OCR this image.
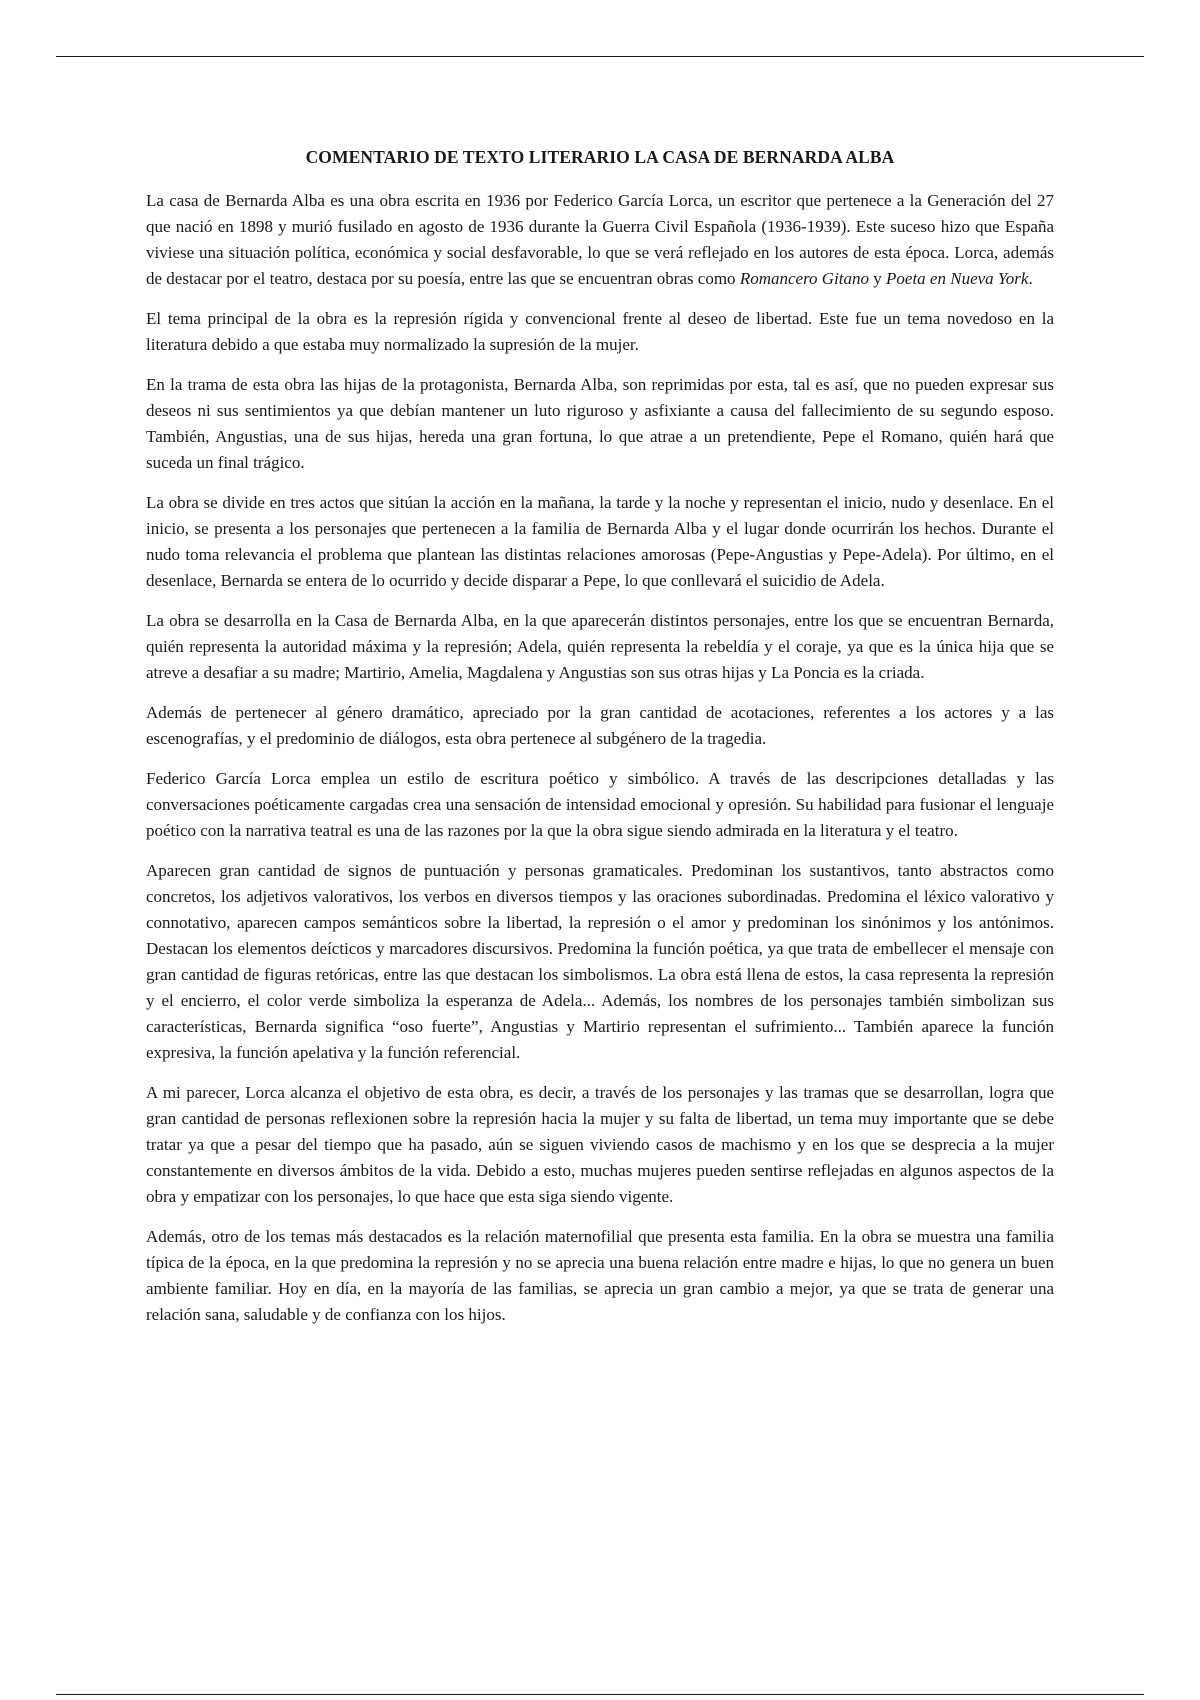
COMENTARIO DE TEXTO LITERARIO LA CASA DE BERNARDA ALBA

La casa de Bernarda Alba es una obra escrita en 1936 por Federico García Lorca, un escritor que pertenece a la Generación del 27 que nació en 1898 y murió fusilado en agosto de 1936 durante la Guerra Civil Española (1936-1939). Este suceso hizo que España viviese una situación política, económica y social desfavorable, lo que se verá reflejado en los autores de esta época. Lorca, además de destacar por el teatro, destaca por su poesía, entre las que se encuentran obras como Romancero Gitano y Poeta en Nueva York.

El tema principal de la obra es la represión rígida y convencional frente al deseo de libertad. Este fue un tema novedoso en la literatura debido a que estaba muy normalizado la supresión de la mujer.

En la trama de esta obra las hijas de la protagonista, Bernarda Alba, son reprimidas por esta, tal es así, que no pueden expresar sus deseos ni sus sentimientos ya que debían mantener un luto riguroso y asfixiante a causa del fallecimiento de su segundo esposo. También, Angustias, una de sus hijas, hereda una gran fortuna, lo que atrae a un pretendiente, Pepe el Romano, quién hará que suceda un final trágico.

La obra se divide en tres actos que sitúan la acción en la mañana, la tarde y la noche y representan el inicio, nudo y desenlace. En el inicio, se presenta a los personajes que pertenecen a la familia de Bernarda Alba y el lugar donde ocurrirán los hechos. Durante el nudo toma relevancia el problema que plantean las distintas relaciones amorosas (Pepe-Angustias y Pepe-Adela). Por último, en el desenlace, Bernarda se entera de lo ocurrido y decide disparar a Pepe, lo que conllevará el suicidio de Adela.

La obra se desarrolla en la Casa de Bernarda Alba, en la que aparecerán distintos personajes, entre los que se encuentran Bernarda, quién representa la autoridad máxima y la represión; Adela, quién representa la rebeldía y el coraje, ya que es la única hija que se atreve a desafiar a su madre; Martirio, Amelia, Magdalena y Angustias son sus otras hijas y La Poncia es la criada.

Además de pertenecer al género dramático, apreciado por la gran cantidad de acotaciones, referentes a los actores y a las escenografías, y el predominio de diálogos, esta obra pertenece al subgénero de la tragedia.

Federico García Lorca emplea un estilo de escritura poético y simbólico. A través de las descripciones detalladas y las conversaciones poéticamente cargadas crea una sensación de intensidad emocional y opresión. Su habilidad para fusionar el lenguaje poético con la narrativa teatral es una de las razones por la que la obra sigue siendo admirada en la literatura y el teatro.

Aparecen gran cantidad de signos de puntuación y personas gramaticales. Predominan los sustantivos, tanto abstractos como concretos, los adjetivos valorativos, los verbos en diversos tiempos y las oraciones subordinadas. Predomina el léxico valorativo y connotativo, aparecen campos semánticos sobre la libertad, la represión o el amor y predominan los sinónimos y los antónimos. Destacan los elementos deícticos y marcadores discursivos. Predomina la función poética, ya que trata de embellecer el mensaje con gran cantidad de figuras retóricas, entre las que destacan los simbolismos. La obra está llena de estos, la casa representa la represión y el encierro, el color verde simboliza la esperanza de Adela... Además, los nombres de los personajes también simbolizan sus características, Bernarda significa “oso fuerte”, Angustias y Martirio representan el sufrimiento... También aparece la función expresiva, la función apelativa y la función referencial.

A mi parecer, Lorca alcanza el objetivo de esta obra, es decir, a través de los personajes y las tramas que se desarrollan, logra que gran cantidad de personas reflexionen sobre la represión hacia la mujer y su falta de libertad, un tema muy importante que se debe tratar ya que a pesar del tiempo que ha pasado, aún se siguen viviendo casos de machismo y en los que se desprecia a la mujer constantemente en diversos ámbitos de la vida. Debido a esto, muchas mujeres pueden sentirse reflejadas en algunos aspectos de la obra y empatizar con los personajes, lo que hace que esta siga siendo vigente.

Además, otro de los temas más destacados es la relación maternofilial que presenta esta familia. En la obra se muestra una familia típica de la época, en la que predomina la represión y no se aprecia una buena relación entre madre e hijas, lo que no genera un buen ambiente familiar. Hoy en día, en la mayoría de las familias, se aprecia un gran cambio a mejor, ya que se trata de generar una relación sana, saludable y de confianza con los hijos.
